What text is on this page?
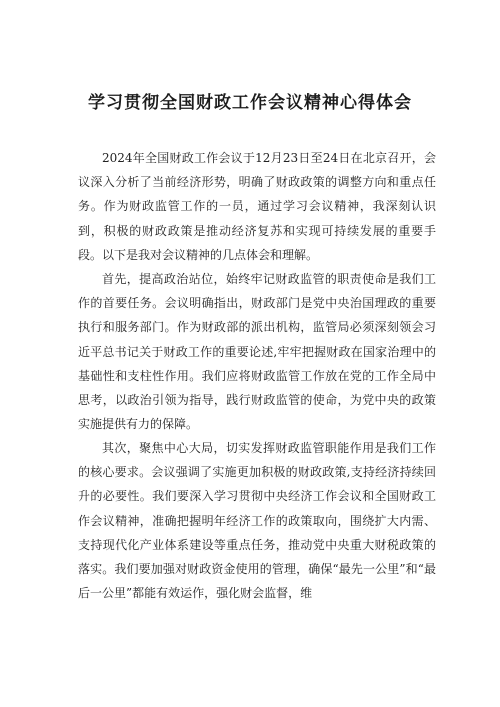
学习贯彻全国财政工作会议精神心得体会

2024年全国财政工作会议于12月23日至24日在北京召开，会议深入分析了当前经济形势，明确了财政政策的调整方向和重点任务。作为财政监管工作的一员，通过学习会议精神，我深刻认识到，积极的财政政策是推动经济复苏和实现可持续发展的重要手段。以下是我对会议精神的几点体会和理解。

首先，提高政治站位，始终牢记财政监管的职责使命是我们工作的首要任务。会议明确指出，财政部门是党中央治国理政的重要执行和服务部门。作为财政部的派出机构，监管局必须深刻领会习近平总书记关于财政工作的重要论述,牢牢把握财政在国家治理中的基础性和支柱性作用。我们应将财政监管工作放在党的工作全局中思考，以政治引领为指导，践行财政监管的使命，为党中央的政策实施提供有力的保障。

其次，聚焦中心大局，切实发挥财政监管职能作用是我们工作的核心要求。会议强调了实施更加积极的财政政策,支持经济持续回升的必要性。我们要深入学习贯彻中央经济工作会议和全国财政工作会议精神，准确把握明年经济工作的政策取向，围绕扩大内需、支持现代化产业体系建设等重点任务，推动党中央重大财税政策的落实。我们要加强对财政资金使用的管理，确保“最先一公里”和“最后一公里”都能有效运作，强化财会监督，维
